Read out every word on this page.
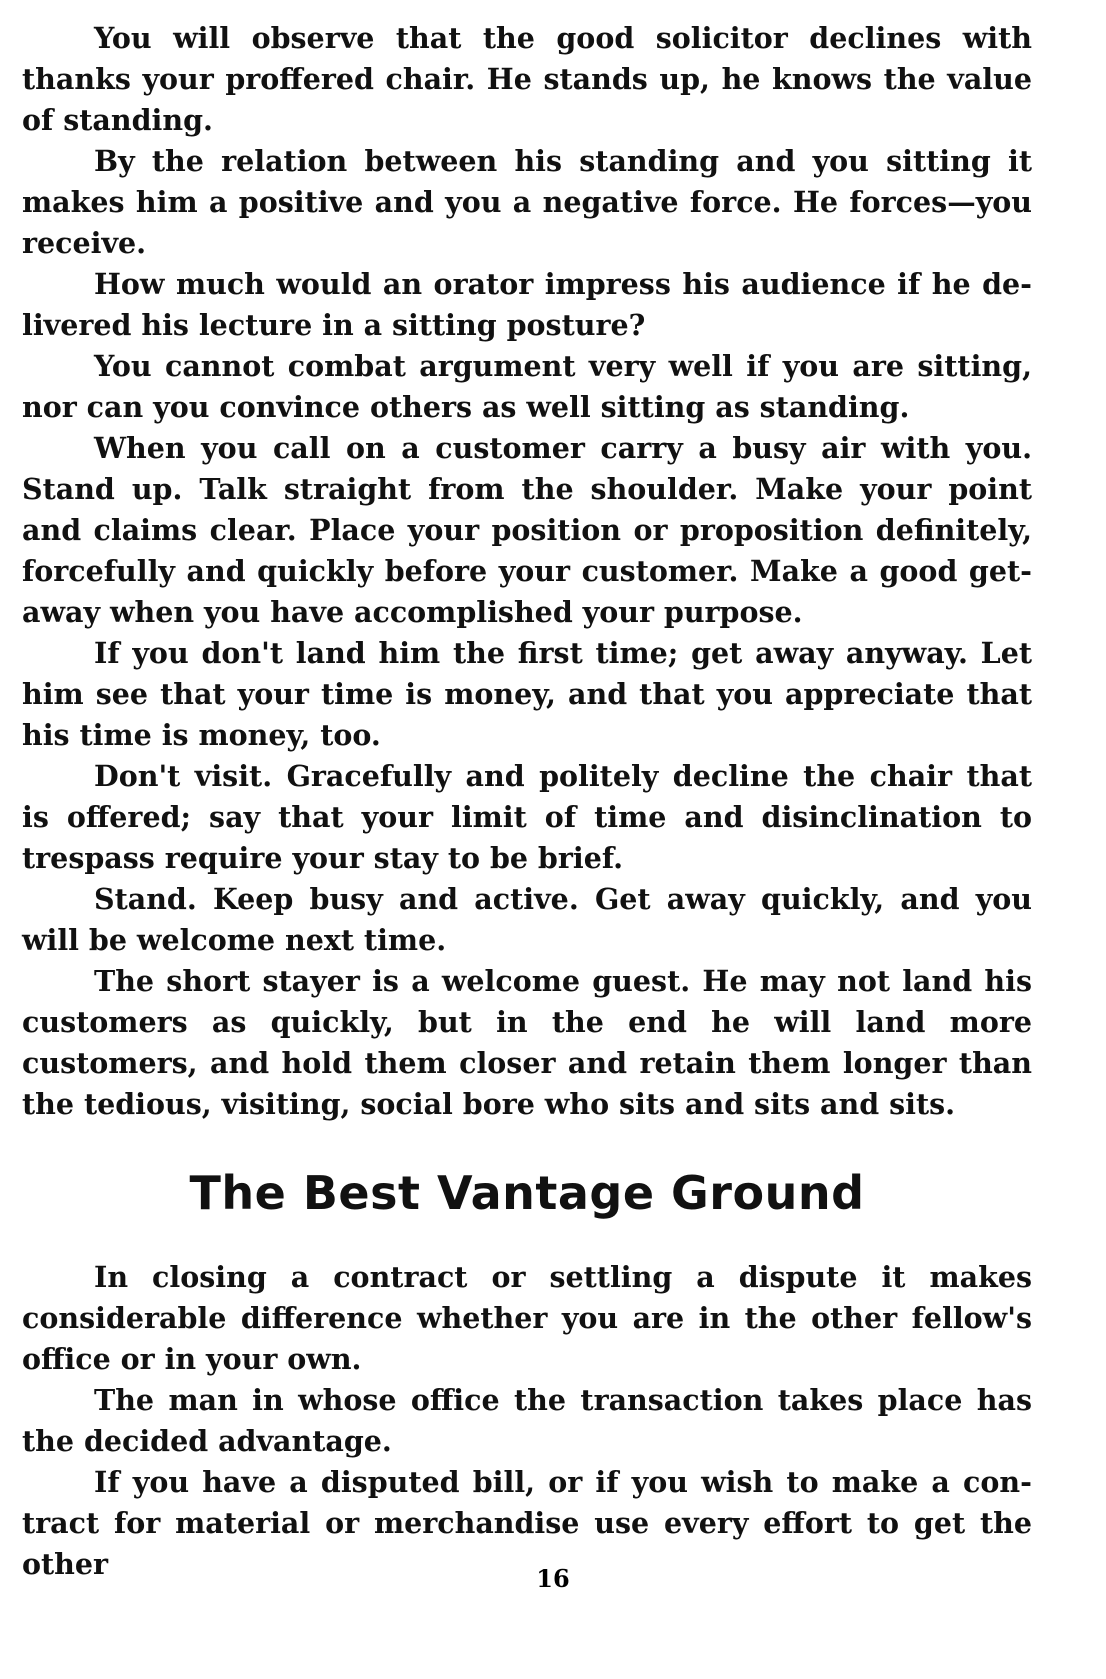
You will observe that the good solicitor declines with thanks your proffered chair. He stands up, he knows the value of standing.

By the relation between his standing and you sitting it makes him a positive and you a negative force. He forces—you receive.

How much would an orator impress his audience if he delivered his lecture in a sitting posture?

You cannot combat argument very well if you are sitting, nor can you convince others as well sitting as standing.

When you call on a customer carry a busy air with you. Stand up. Talk straight from the shoulder. Make your point and claims clear. Place your position or proposition definitely, forcefully and quickly before your customer. Make a good getaway when you have accomplished your purpose.

If you don't land him the first time; get away anyway. Let him see that your time is money, and that you appreciate that his time is money, too.

Don't visit. Gracefully and politely decline the chair that is offered; say that your limit of time and disinclination to trespass require your stay to be brief.

Stand. Keep busy and active. Get away quickly, and you will be welcome next time.

The short stayer is a welcome guest. He may not land his customers as quickly, but in the end he will land more customers, and hold them closer and retain them longer than the tedious, visiting, social bore who sits and sits and sits.

The Best Vantage Ground

In closing a contract or settling a dispute it makes considerable difference whether you are in the other fellow's office or in your own.

The man in whose office the transaction takes place has the decided advantage.

If you have a disputed bill, or if you wish to make a contract for material or merchandise use every effort to get the other	16
